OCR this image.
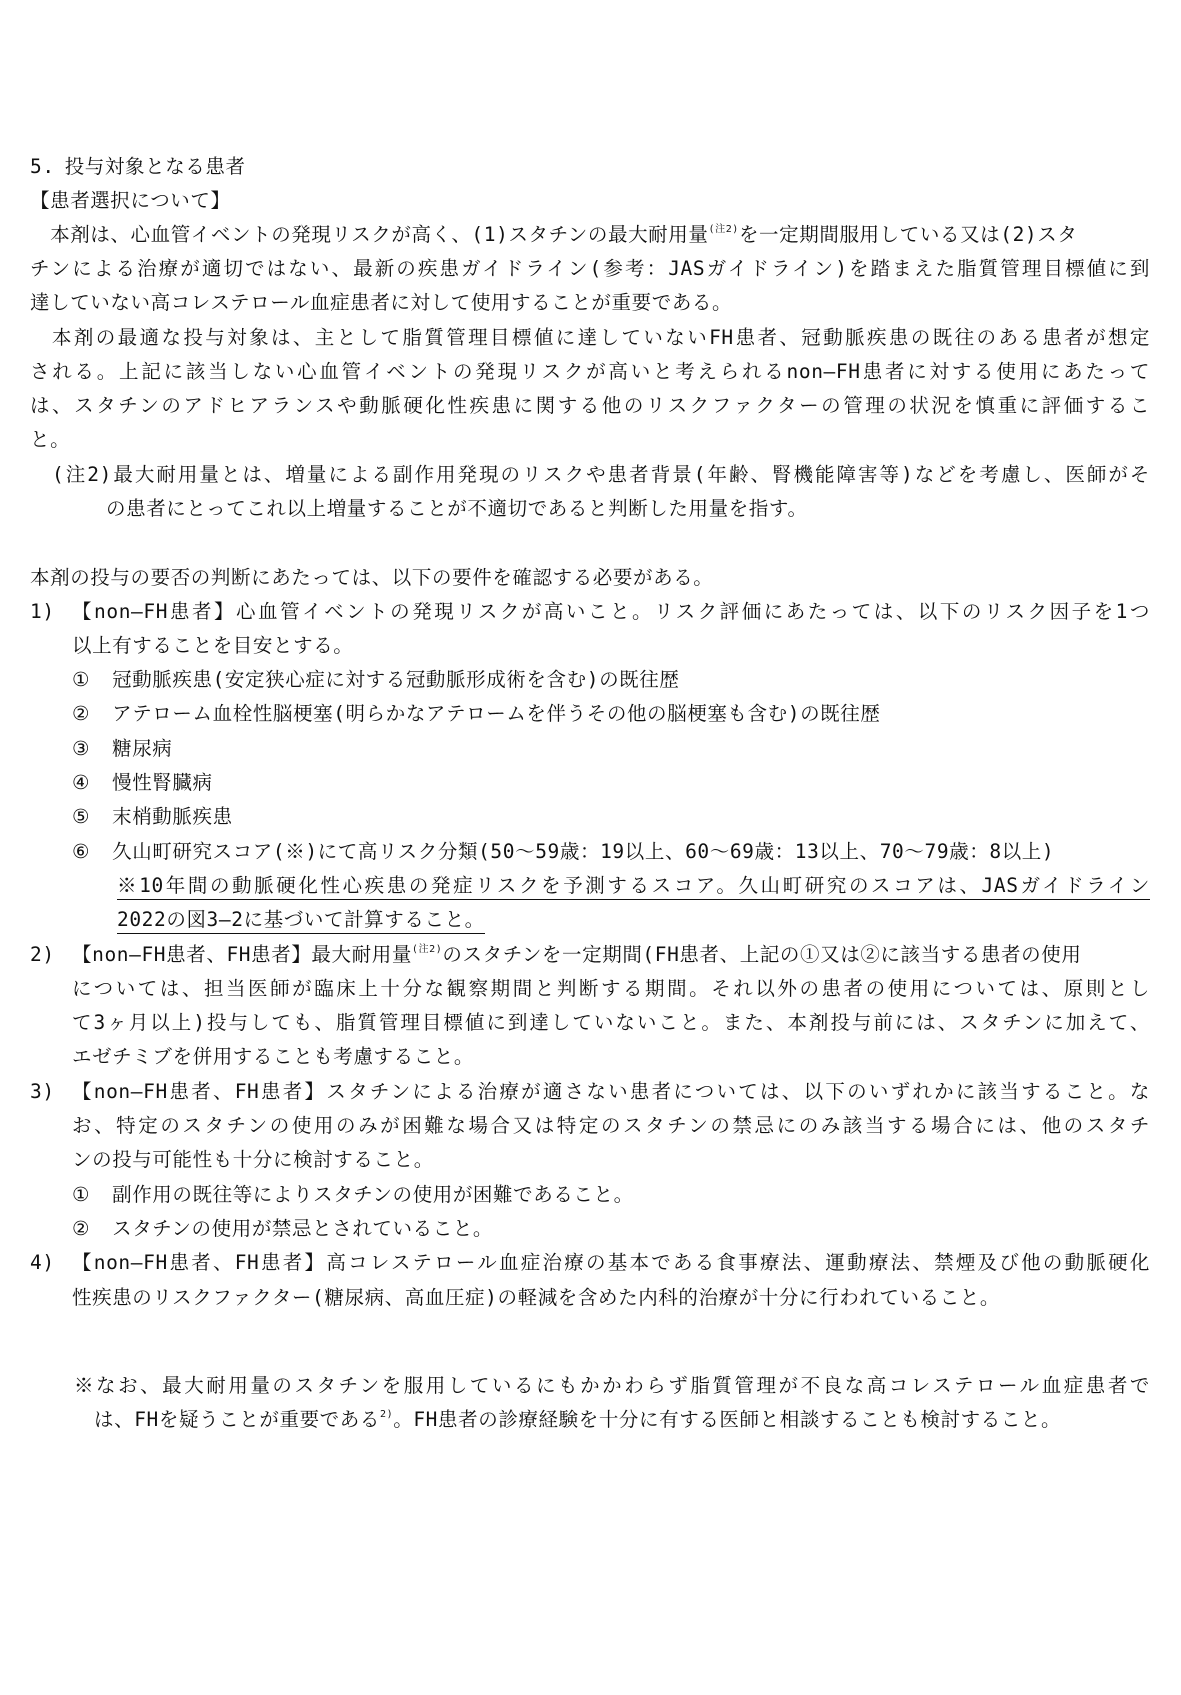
5. 投与対象となる患者
【患者選択について】
　本剤は、心血管イベントの発現リスクが高く、(1)スタチンの最大耐用量$^{(注2)}$を一定期間服用している又は(2)スタ
チンによる治療が適切ではない、最新の疾患ガイドライン(参考：JASガイドライン)を踏まえた脂質管理目標値に到
達していない高コレステロール血症患者に対して使用することが重要である。
　本剤の最適な投与対象は、主として脂質管理目標値に達していないFH患者、冠動脈疾患の既往のある患者が想定
される。上記に該当しない心血管イベントの発現リスクが高いと考えられるnon—FH患者に対する使用にあたって
は、スタチンのアドヒアランスや動脈硬化性疾患に関する他のリスクファクターの管理の状況を慎重に評価するこ
と。
(注2)最大耐用量とは、増量による副作用発現のリスクや患者背景(年齢、腎機能障害等)などを考慮し、医師がそ
の患者にとってこれ以上増量することが不適切であると判断した用量を指す。
本剤の投与の要否の判断にあたっては、以下の要件を確認する必要がある。
1) 【non—FH患者】心血管イベントの発現リスクが高いこと。リスク評価にあたっては、以下のリスク因子を1つ
以上有することを目安とする。
① 冠動脈疾患(安定狭心症に対する冠動脈形成術を含む)の既往歴
② アテローム血栓性脳梗塞(明らかなアテロームを伴うその他の脳梗塞も含む)の既往歴
③ 糖尿病
④ 慢性腎臓病
⑤ 末梢動脈疾患
⑥ 久山町研究スコア(※)にて高リスク分類(50〜59歳：19以上、60〜69歳：13以上、70〜79歳：8以上)
※10年間の動脈硬化性心疾患の発症リスクを予測するスコア。久山町研究のスコアは、JASガイドライン
2022の図3—2に基づいて計算すること。
2) 【non—FH患者、FH患者】最大耐用量$^{(注2)}$のスタチンを一定期間(FH患者、上記の①又は②に該当する患者の使用
については、担当医師が臨床上十分な観察期間と判断する期間。それ以外の患者の使用については、原則とし
て3ヶ月以上)投与しても、脂質管理目標値に到達していないこと。また、本剤投与前には、スタチンに加えて、
エゼチミブを併用することも考慮すること。
3) 【non—FH患者、FH患者】スタチンによる治療が適さない患者については、以下のいずれかに該当すること。な
お、特定のスタチンの使用のみが困難な場合又は特定のスタチンの禁忌にのみ該当する場合には、他のスタチ
ンの投与可能性も十分に検討すること。
① 副作用の既往等によりスタチンの使用が困難であること。
② スタチンの使用が禁忌とされていること。
4) 【non—FH患者、FH患者】高コレステロール血症治療の基本である食事療法、運動療法、禁煙及び他の動脈硬化
性疾患のリスクファクター(糖尿病、高血圧症)の軽減を含めた内科的治療が十分に行われていること。
※なお、最大耐用量のスタチンを服用しているにもかかわらず脂質管理が不良な高コレステロール血症患者で
は、FHを疑うことが重要である$^{2)}$。FH患者の診療経験を十分に有する医師と相談することも検討すること。
